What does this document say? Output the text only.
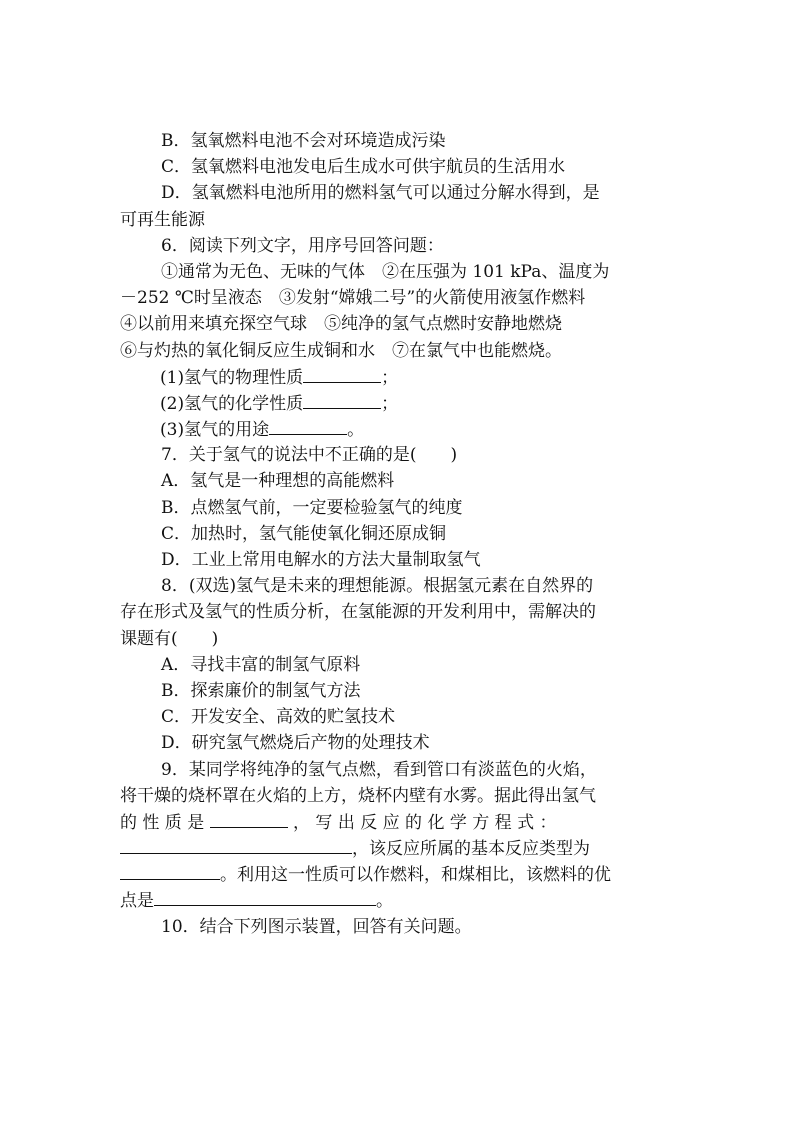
B．氢氧燃料电池不会对环境造成污染
C．氢氧燃料电池发电后生成水可供宇航员的生活用水
D．氢氧燃料电池所用的燃料氢气可以通过分解水得到，是
可再生能源
6．阅读下列文字，用序号回答问题：
①通常为无色、无味的气体　②在压强为 101 kPa、温度为
－252 ℃时呈液态　③发射“嫦娥二号”的火箭使用液氢作燃料
④以前用来填充探空气球　⑤纯净的氢气点燃时安静地燃烧
⑥与灼热的氧化铜反应生成铜和水　⑦在氯气中也能燃烧。
(1)氢气的物理性质	；
(2)氢气的化学性质	；
(3)氢气的用途	。
7．关于氢气的说法中不正确的是(　　)
A．氢气是一种理想的高能燃料
B．点燃氢气前，一定要检验氢气的纯度
C．加热时，氢气能使氧化铜还原成铜
D．工业上常用电解水的方法大量制取氢气
8．(双选)氢气是未来的理想能源。根据氢元素在自然界的
存在形式及氢气的性质分析，在氢能源的开发利用中，需解决的
课题有(　　)
A．寻找丰富的制氢气原料
B．探索廉价的制氢气方法
C．开发安全、高效的贮氢技术
D．研究氢气燃烧后产物的处理技术
9．某同学将纯净的氢气点燃，看到管口有淡蓝色的火焰，
将干燥的烧杯罩在火焰的上方，烧杯内壁有水雾。据此得出氢气
的 性 质 是	， 写 出 反 应 的 化 学 方 程 式 ：
，该反应所属的基本反应类型为
。利用这一性质可以作燃料，和煤相比，该燃料的优
点是	。
10．结合下列图示装置，回答有关问题。
